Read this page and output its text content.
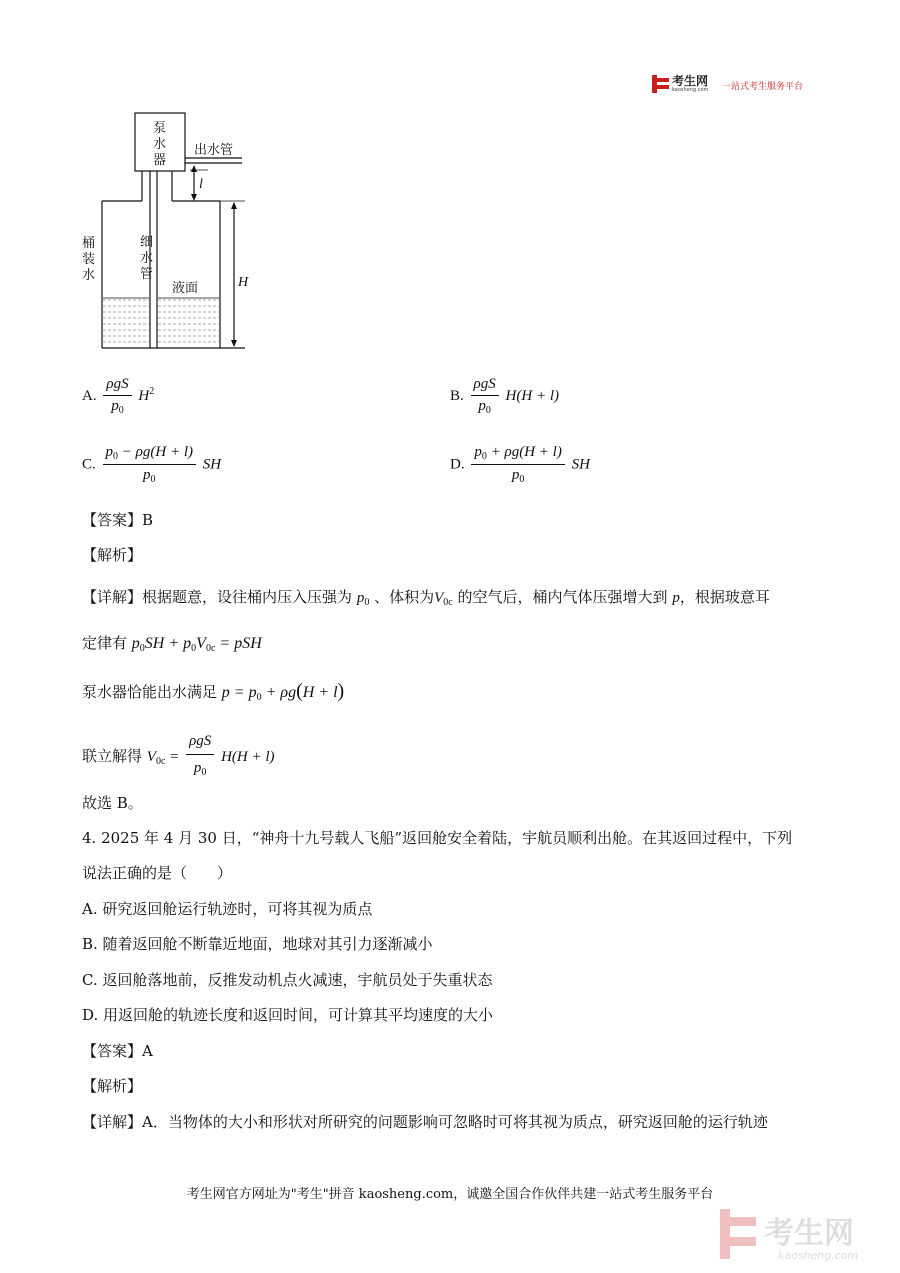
考生网
kaosheng.com 一站式考生服务平台
泵
水
器
出水管
桶
装
水
细
水
管
液面
l
H
A. $\frac{\text{ρgS}}{p_0} H^2$	B. $\frac{\text{ρgS}}{p_0} H(H + l)$
C. $\frac{p_0 - \rho g(H + l)}{p_0}$ SH	D. $\frac{p_0 + \rho g(H + l)}{p_0}$ SH
【答案】B
【解析】
【详解】根据题意，设往桶内压入压强为 $p_0$ 、体积为$V_{0c}$ 的空气后，桶内气体压强增大到 p，根据玻意耳
定律有 $p_0SH + p_0V_{0c}$ = pSH
泵水器恰能出水满足 $p = p_0 + \rho g(H + l)$
联立解得 $V_{0c} = \frac{\text{ρgS}}{p_0} H(H + l)$
故选 B。
4. 2025 年 4 月 30 日，“神舟十九号载人飞船”返回舱安全着陆，宇航员顺利出舱。在其返回过程中，下列
说法正确的是（　　）
A. 研究返回舱运行轨迹时，可将其视为质点
B. 随着返回舱不断靠近地面，地球对其引力逐渐减小
C. 返回舱落地前，反推发动机点火减速，宇航员处于失重状态
D. 用返回舱的轨迹长度和返回时间，可计算其平均速度的大小
【答案】A
【解析】
【详解】A．当物体的大小和形状对所研究的问题影响可忽略时可将其视为质点，研究返回舱的运行轨迹
考生网官方网址为"考生"拼音 kaosheng.com，诚邀全国合作伙伴共建一站式考生服务平台
考生网
kaosheng.com
